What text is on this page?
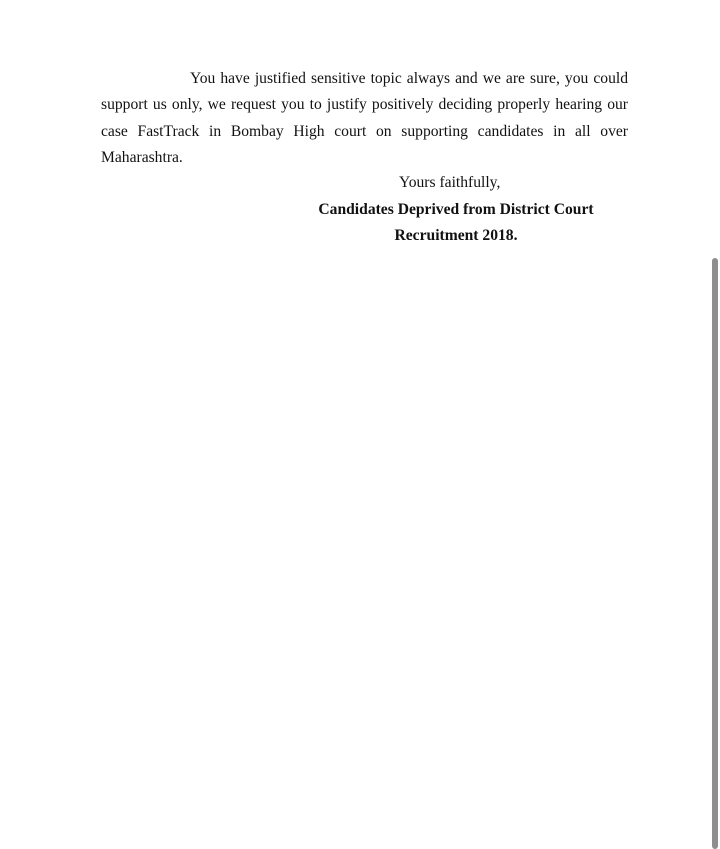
You have justified sensitive topic always and we are sure, you could support us only, we request you to justify positively deciding properly hearing our case FastTrack in Bombay High court on supporting candidates in all over Maharashtra.

Yours faithfully,

Candidates Deprived from District Court

Recruitment 2018.
